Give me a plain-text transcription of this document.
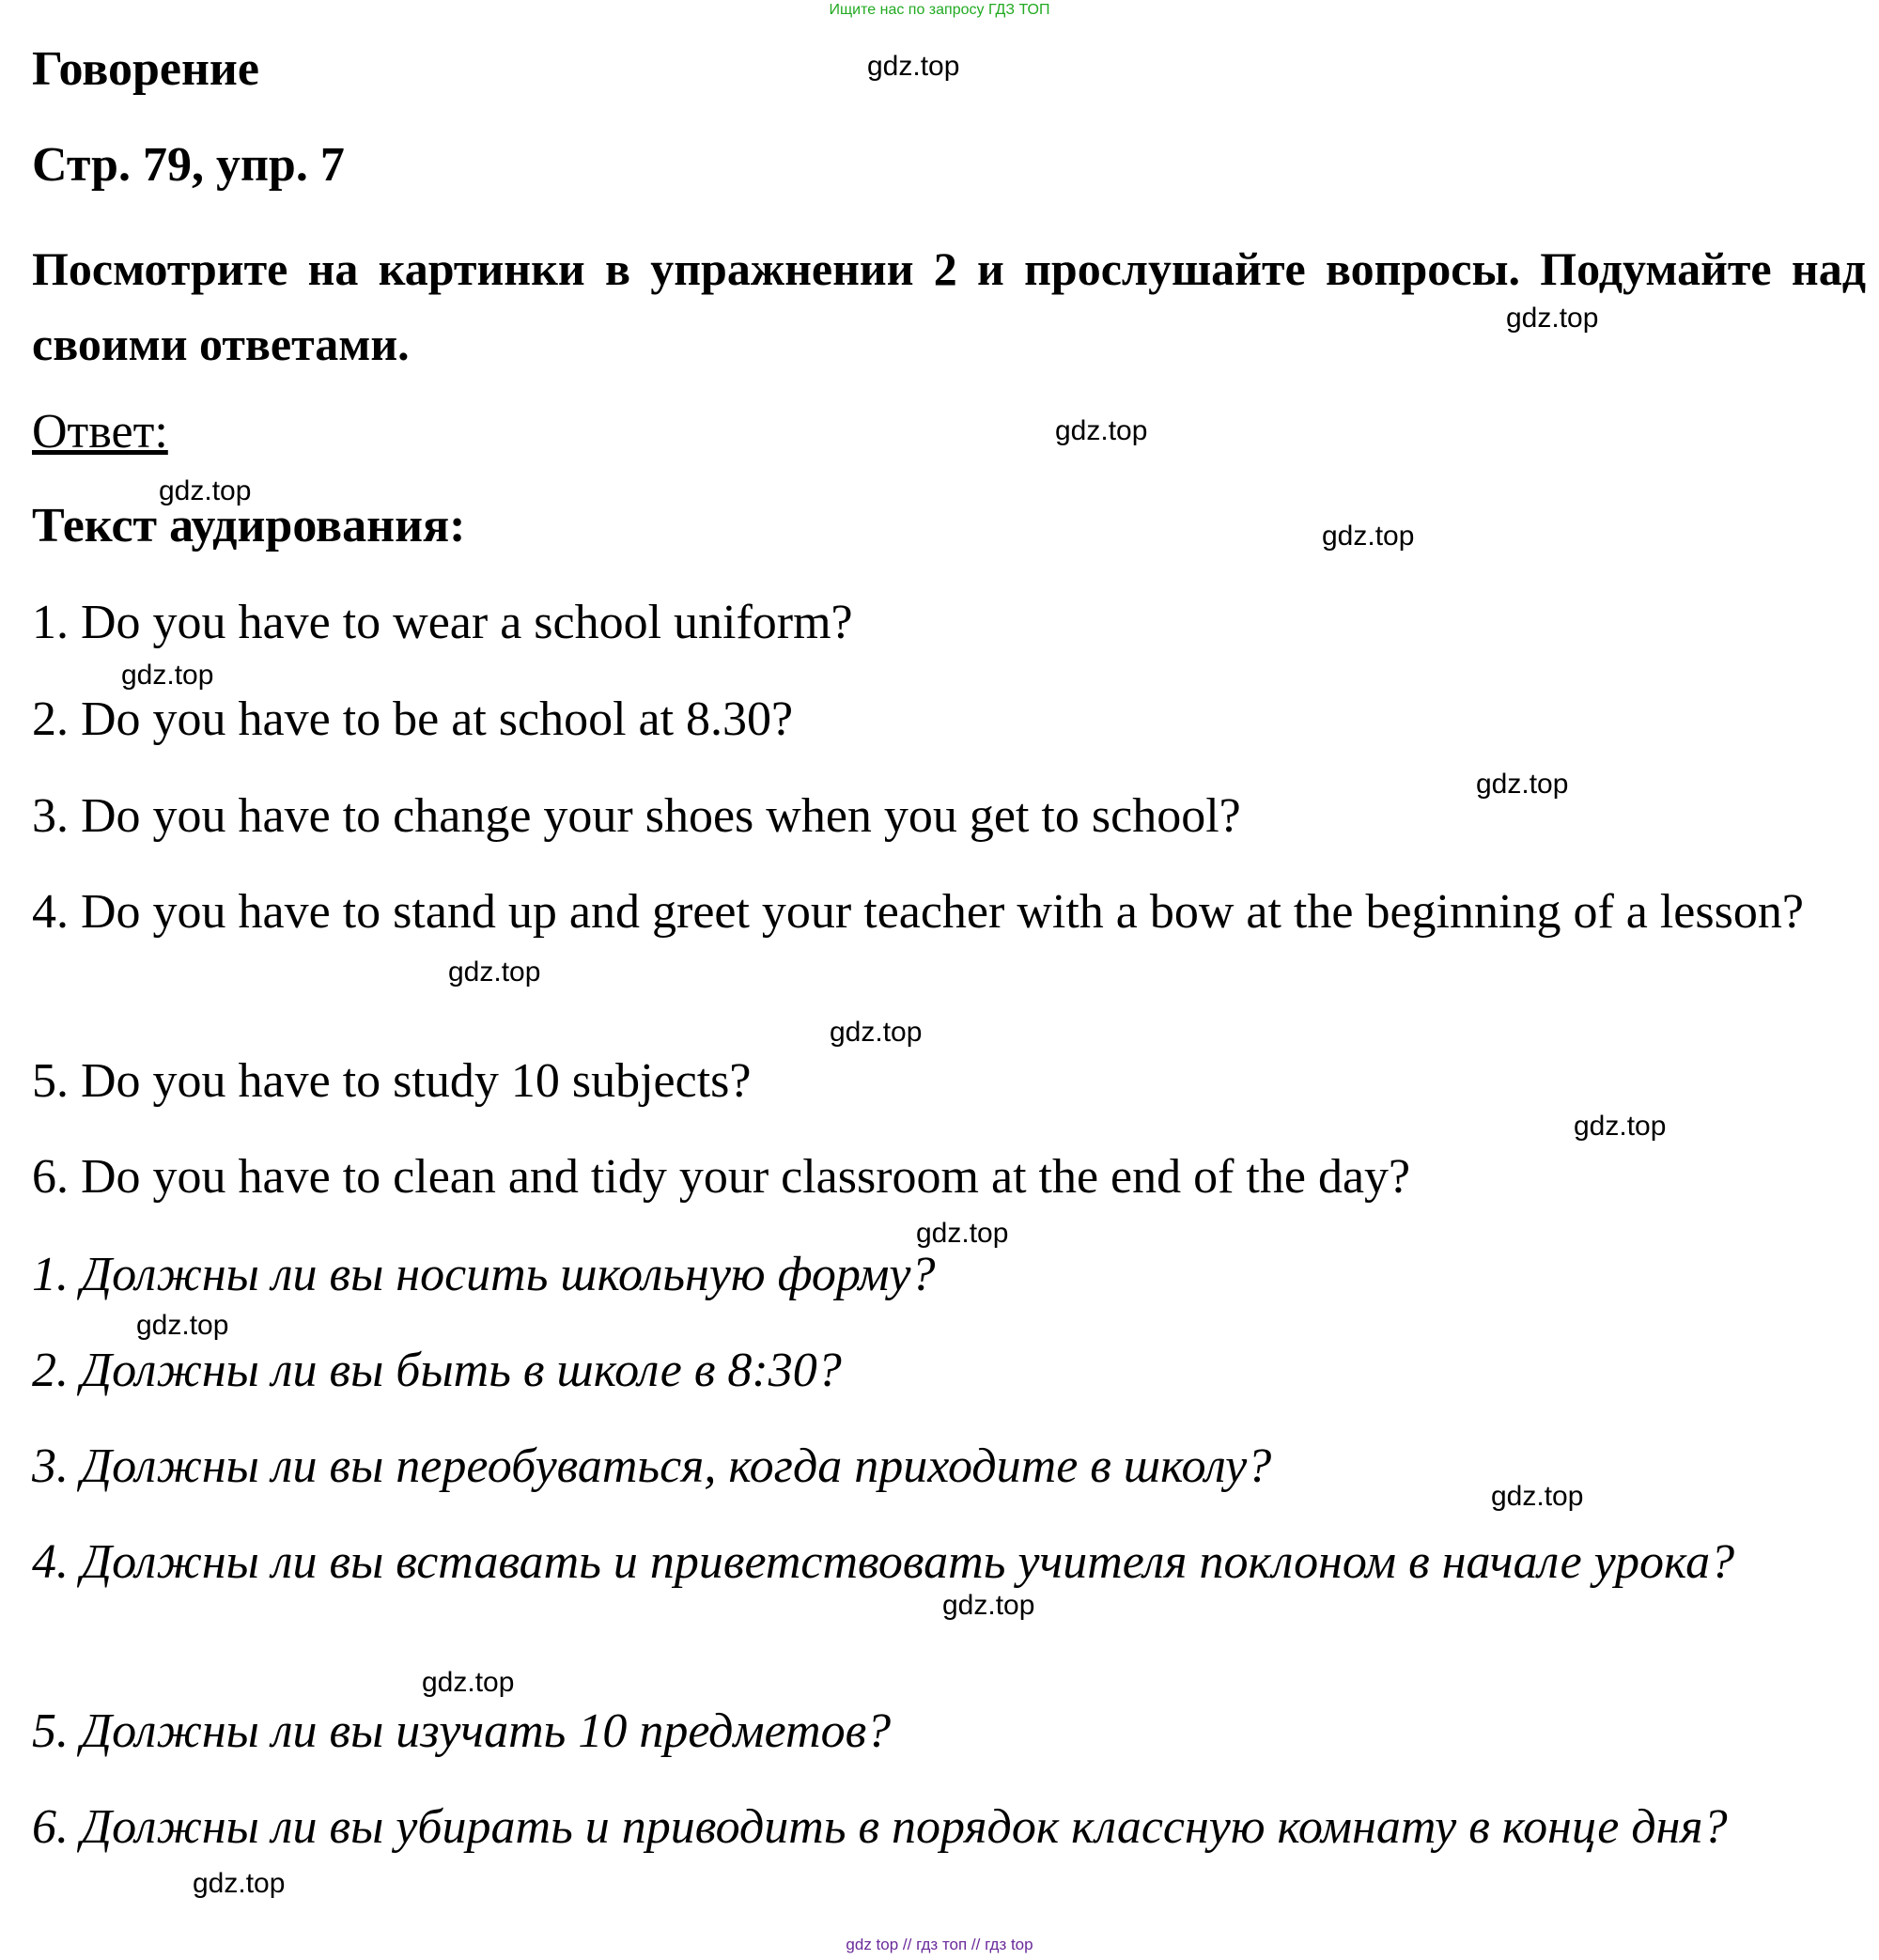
Ищите нас по запросу ГДЗ ТОП
Говорение
Стр. 79, упр. 7
Посмотрите на картинки в упражнении 2 и прослушайте вопросы. Подумайте над своими ответами.
Ответ:
Текст аудирования:
1. Do you have to wear a school uniform?
2. Do you have to be at school at 8.30?
3. Do you have to change your shoes when you get to school?
4. Do you have to stand up and greet your teacher with a bow at the beginning of a lesson?
5. Do you have to study 10 subjects?
6. Do you have to clean and tidy your classroom at the end of the day?
1. Должны ли вы носить школьную форму?
2. Должны ли вы быть в школе в 8:30?
3. Должны ли вы переобуваться, когда приходите в школу?
4. Должны ли вы вставать и приветствовать учителя поклоном в начале урока?
5. Должны ли вы изучать 10 предметов?
6. Должны ли вы убирать и приводить в порядок классную комнату в конце дня?
gdz.top
gdz.top
gdz.top
gdz.top
gdz.top
gdz.top
gdz.top
gdz.top
gdz.top
gdz.top
gdz.top
gdz.top
gdz.top
gdz.top
gdz.top
gdz.top
gdz top // гдз топ // гдз top
